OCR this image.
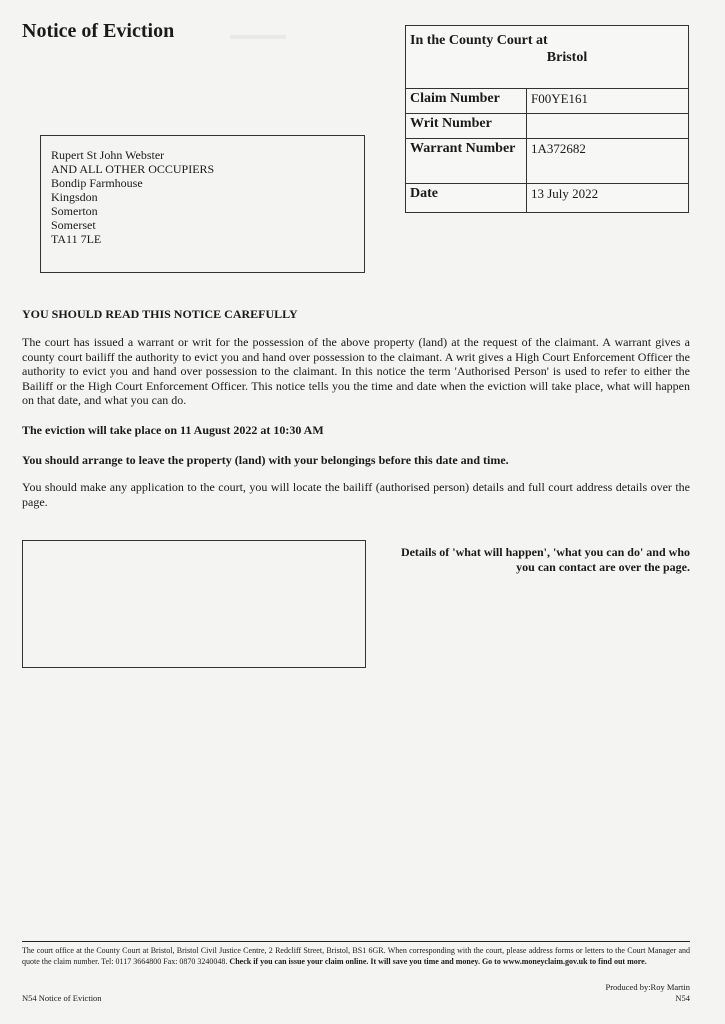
Notice of Eviction	In the County Court at
Bristol	

Claim Number	F00YE161
Writ Number	
Warrant Number	1A372682
Date	13 July 2022
Rupert St John Webster
AND ALL OTHER OCCUPIERS
Bondip Farmhouse
Kingsdon
Somerton
Somerset
TA11 7LE

YOU SHOULD READ THIS NOTICE CAREFULLY

The court has issued a warrant or writ for the possession of the above property (land) at the request of the claimant. A warrant gives a county court bailiff the authority to evict you and hand over possession to the claimant. A writ gives a High Court Enforcement Officer the authority to evict you and hand over possession to the claimant. In this notice the term 'Authorised Person' is used to refer to either the Bailiff or the High Court Enforcement Officer. This notice tells you the time and date when the eviction will take place, what will happen on that date, and what you can do.

The eviction will take place on 11 August 2022 at 10:30 AM

You should arrange to leave the property (land) with your belongings before this date and time.

You should make any application to the court, you will locate the bailiff (authorised person) details and full court address details over the page.

Details of 'what will happen', 'what you can do' and who you can contact are over the page.

The court office at the County Court at Bristol, Bristol Civil Justice Centre, 2 Redcliff Street, Bristol, BS1 6GR. When corresponding with the court, please address forms or letters to the Court Manager and quote the claim number. Tel: 0117 3664800 Fax: 0870 3240048. Check if you can issue your claim online. It will save you time and money. Go to www.moneyclaim.gov.uk to find out more.

N54 Notice of Eviction
Produced by:Roy Martin
N54
